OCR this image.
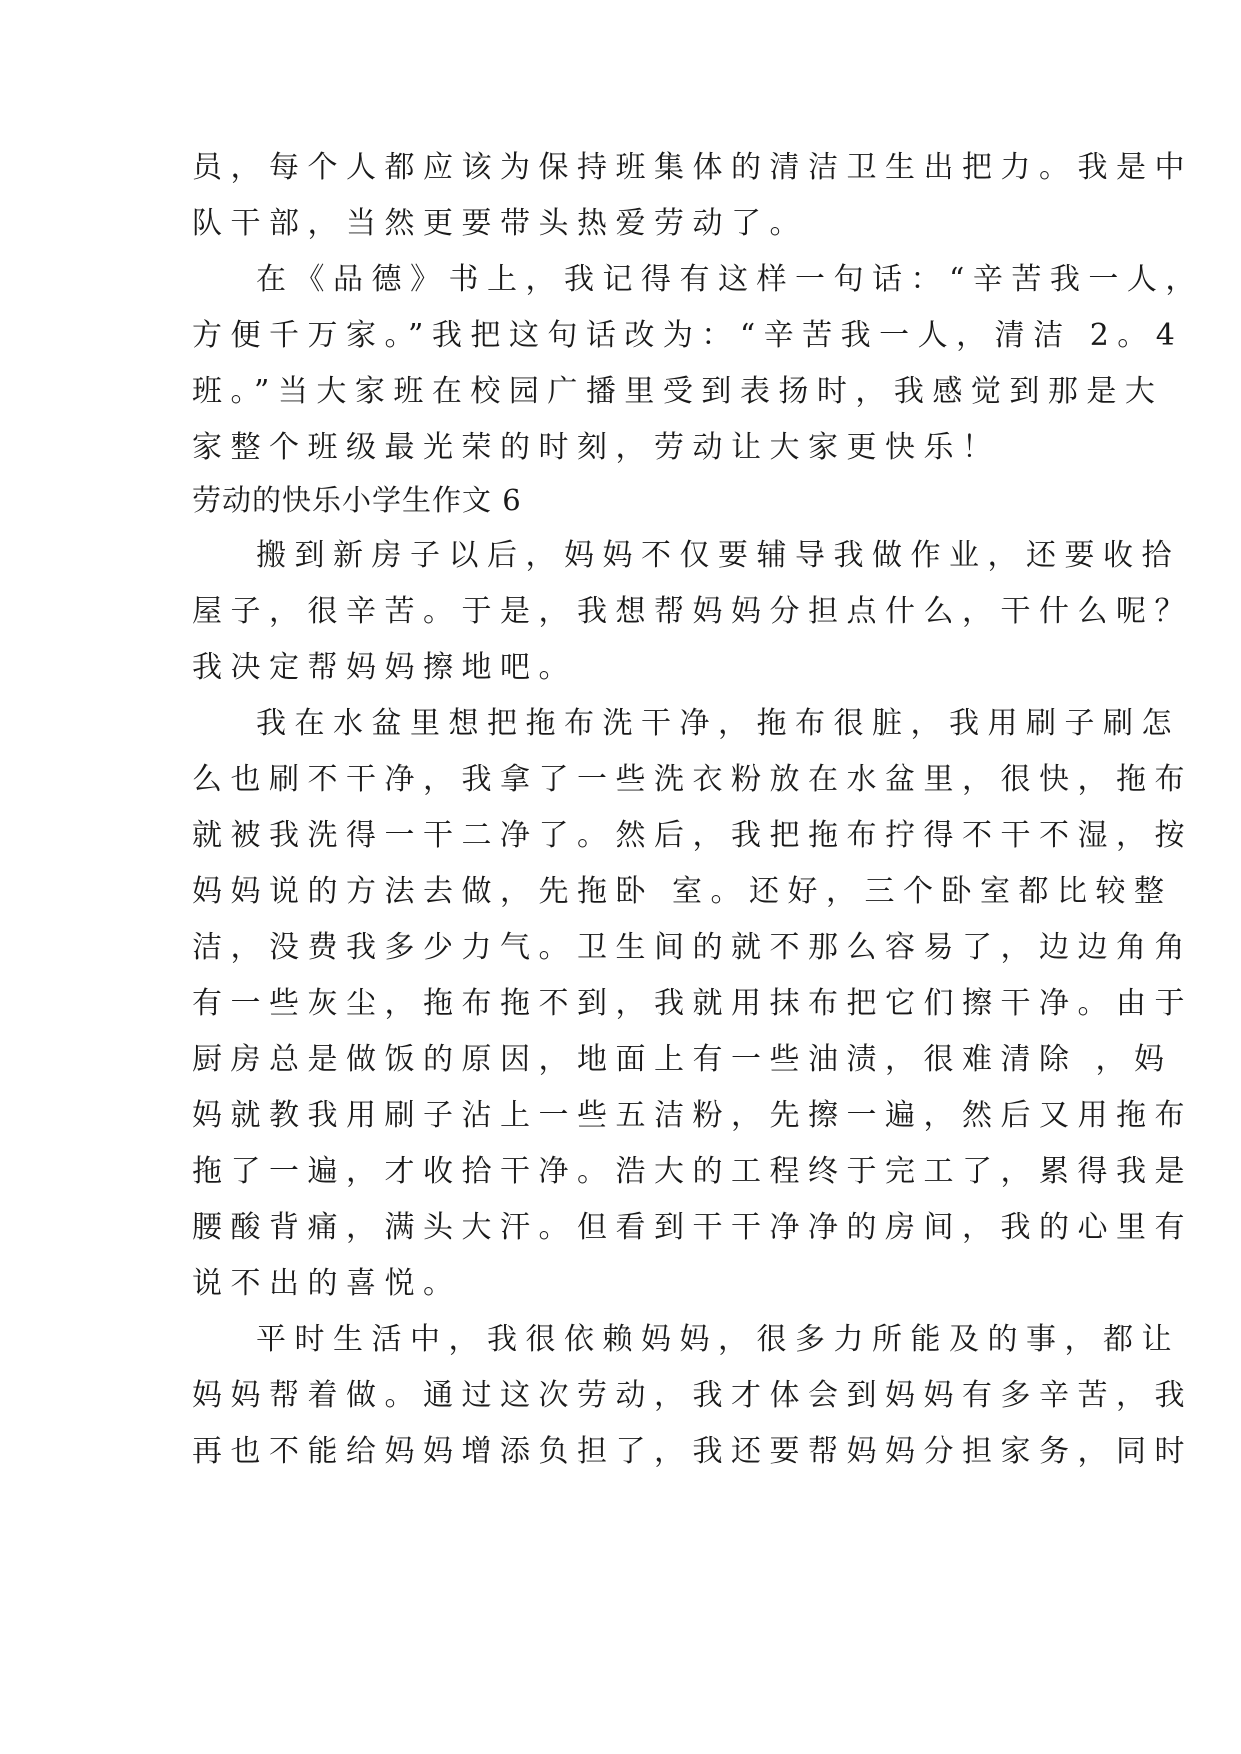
员，每个人都应该为保持班集体的清洁卫生出把力。我是中
队干部，当然更要带头热爱劳动了。
在《品德》书上，我记得有这样一句话：“辛苦我一人，
方便千万家。”我把这句话改为：“辛苦我一人，清洁 2。4
班。”当大家班在校园广播里受到表扬时，我感觉到那是大
家整个班级最光荣的时刻，劳动让大家更快乐！
劳动的快乐小学生作文 6
搬到新房子以后，妈妈不仅要辅导我做作业，还要收拾
屋子，很辛苦。于是，我想帮妈妈分担点什么，干什么呢？
我决定帮妈妈擦地吧。
我在水盆里想把拖布洗干净，拖布很脏，我用刷子刷怎
么也刷不干净，我拿了一些洗衣粉放在水盆里，很快，拖布
就被我洗得一干二净了。然后，我把拖布拧得不干不湿，按
妈妈说的方法去做，先拖卧 室。还好，三个卧室都比较整
洁，没费我多少力气。卫生间的就不那么容易了，边边角角
有一些灰尘，拖布拖不到，我就用抹布把它们擦干净。由于
厨房总是做饭的原因，地面上有一些油渍，很难清除 ，妈
妈就教我用刷子沾上一些五洁粉，先擦一遍，然后又用拖布
拖了一遍，才收拾干净。浩大的工程终于完工了，累得我是
腰酸背痛，满头大汗。但看到干干净净的房间，我的心里有
说不出的喜悦。
平时生活中，我很依赖妈妈，很多力所能及的事，都让
妈妈帮着做。通过这次劳动，我才体会到妈妈有多辛苦，我
再也不能给妈妈增添负担了，我还要帮妈妈分担家务，同时
